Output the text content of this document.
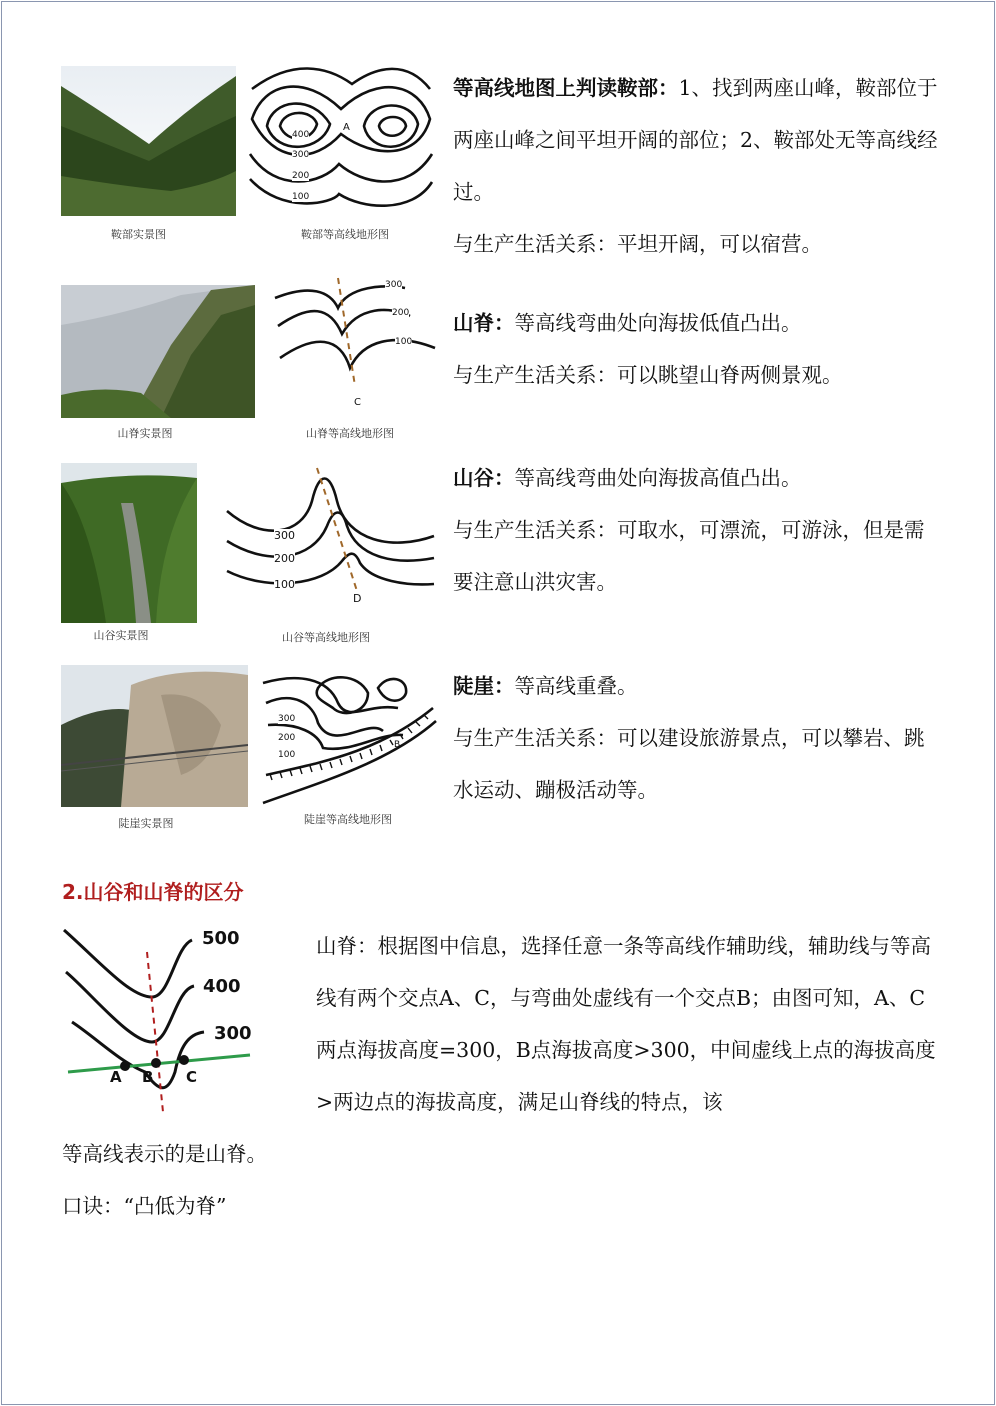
鞍部实景图
400
300
200
100
A
鞍部等高线地形图

等高线地图上判读鞍部：1、找到两座山峰，鞍部位于两座山峰之间平坦开阔的部位；2、鞍部处无等高线经过。

与生产生活关系：平坦开阔，可以宿营。

山脊实景图
300
200
100
C
山脊等高线地形图

山脊：等高线弯曲处向海拔低值凸出。

与生产生活关系：可以眺望山脊两侧景观。

山谷实景图
300
200
100
D
山谷等高线地形图

山谷：等高线弯曲处向海拔高值凸出。

与生产生活关系：可取水，可漂流，可游泳，但是需要注意山洪灾害。

陡崖实景图
300
200
100
B
陡崖等高线地形图

陡崖：等高线重叠。

与生产生活关系：可以建设旅游景点，可以攀岩、跳水运动、蹦极活动等。

2.山谷和山脊的区分
500
400
300
A B C
山脊：根据图中信息，选择任意一条等高线作辅助线，辅助线与等高线有两个交点A、C，与弯曲处虚线有一个交点B；由图可知，A、C两点海拔高度=300，B点海拔高度>300，中间虚线上点的海拔高度>两边点的海拔高度，满足山脊线的特点，该
等高线表示的是山脊。
口诀：“凸低为脊”
